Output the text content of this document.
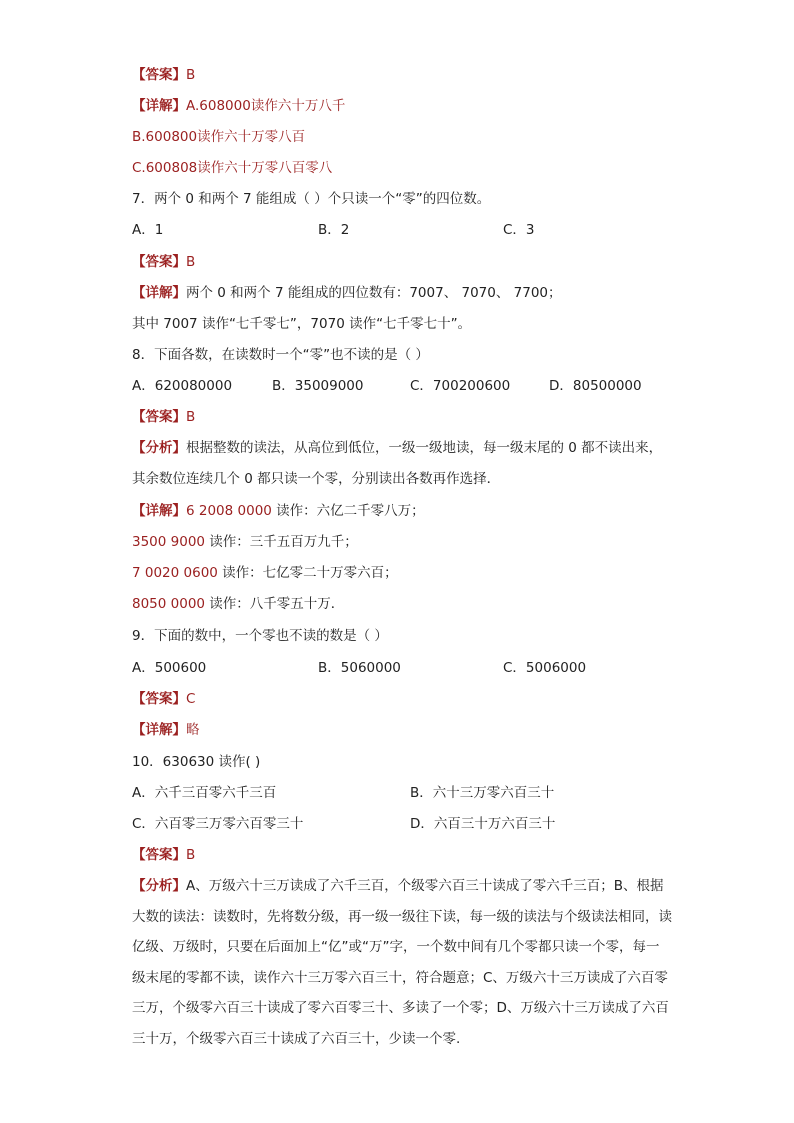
【答案】B
【详解】A.608000读作六十万八千
B.600800读作六十万零八百
C.600808读作六十万零八百零八
7．两个 0 和两个 7 能组成（ ）个只读一个“零”的四位数。
A．1	B．2	C．3
【答案】B
【详解】两个 0 和两个 7 能组成的四位数有：7007、 7070、 7700；
其中 7007 读作“七千零七”，7070 读作“七千零七十”。
8．下面各数，在读数时一个“零”也不读的是（ ）
A．620080000	B．35009000	C．700200600	D．80500000
【答案】B
【分析】根据整数的读法，从高位到低位，一级一级地读，每一级末尾的 0 都不读出来，其余数位连续几个 0 都只读一个零，分别读出各数再作选择．
【详解】6 2008 0000 读作：六亿二千零八万；
3500 9000 读作：三千五百万九千；
7 0020 0600 读作：七亿零二十万零六百；
8050 0000 读作：八千零五十万．
9．下面的数中，一个零也不读的数是（ ）
A．500600	B．5060000	C．5006000
【答案】C
【详解】略
10．630630 读作( )
A．六千三百零六千三百	B．六十三万零六百三十
C．六百零三万零六百零三十	D．六百三十万六百三十
【答案】B
【分析】A、万级六十三万读成了六千三百，个级零六百三十读成了零六千三百；B、根据大数的读法：读数时，先将数分级，再一级一级往下读，每一级的读法与个级读法相同，读亿级、万级时，只要在后面加上“亿”或“万”字，一个数中间有几个零都只读一个零，每一级末尾的零都不读，读作六十三万零六百三十，符合题意；C、万级六十三万读成了六百零三万，个级零六百三十读成了零六百零三十、多读了一个零；D、万级六十三万读成了六百三十万，个级零六百三十读成了六百三十，少读一个零.
